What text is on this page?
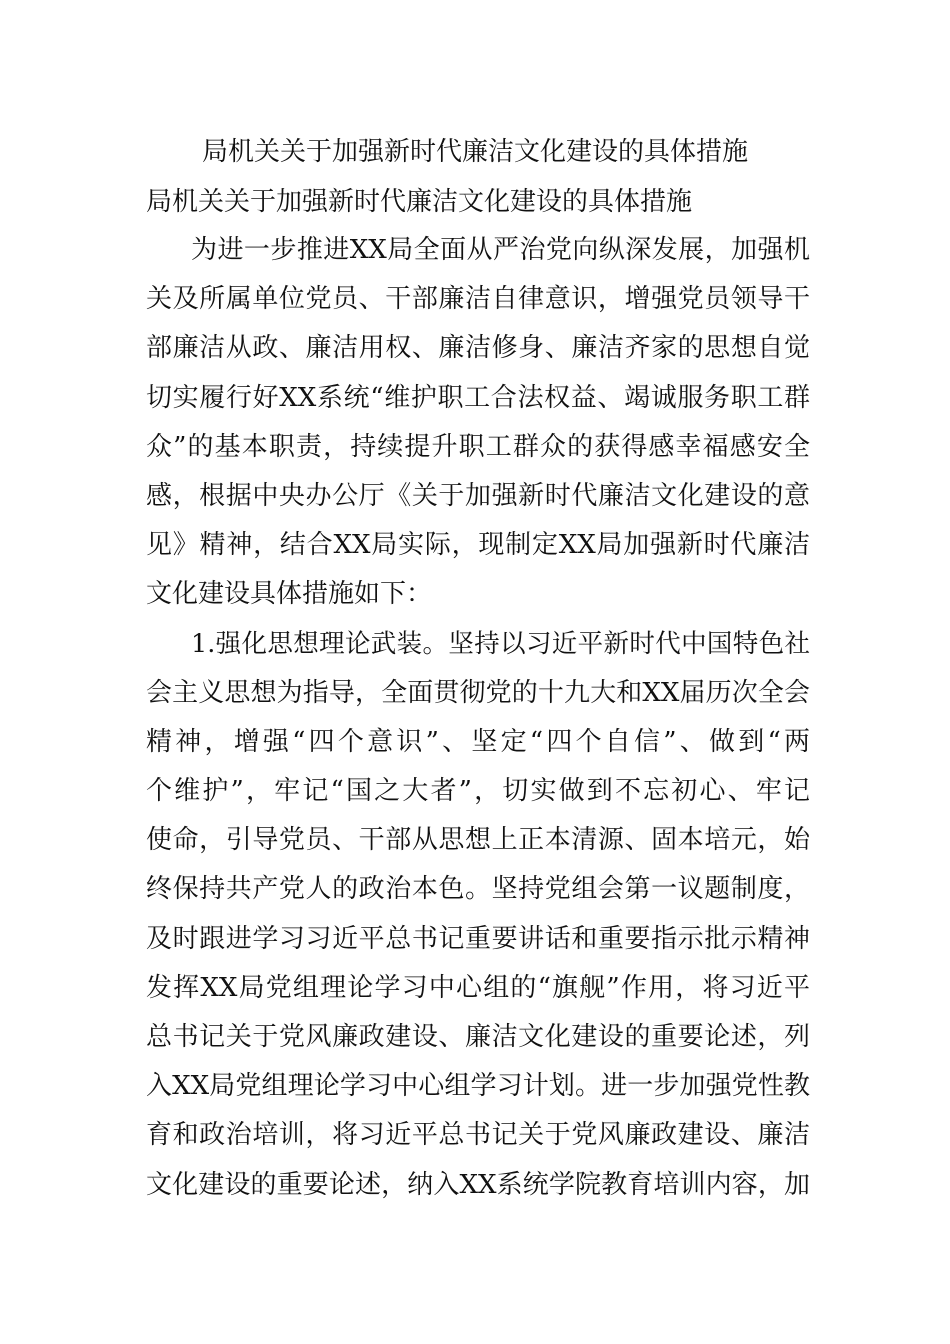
局机关关于加强新时代廉洁文化建设的具体措施
局机关关于加强新时代廉洁文化建设的具体措施
为进一步推进XX局全面从严治党向纵深发展，加强机
关及所属单位党员、干部廉洁自律意识，增强党员领导干
部廉洁从政、廉洁用权、廉洁修身、廉洁齐家的思想自觉
切实履行好XX系统“维护职工合法权益、竭诚服务职工群
众”的基本职责，持续提升职工群众的获得感幸福感安全
感，根据中央办公厅《关于加强新时代廉洁文化建设的意
见》精神，结合XX局实际，现制定XX局加强新时代廉洁
文化建设具体措施如下：
1.强化思想理论武装。坚持以习近平新时代中国特色社
会主义思想为指导，全面贯彻党的十九大和XX届历次全会
精神，增强“四个意识”、坚定“四个自信”、做到“两
个维护”，牢记“国之大者”，切实做到不忘初心、牢记
使命，引导党员、干部从思想上正本清源、固本培元，始
终保持共产党人的政治本色。坚持党组会第一议题制度，
及时跟进学习习近平总书记重要讲话和重要指示批示精神
发挥XX局党组理论学习中心组的“旗舰”作用，将习近平
总书记关于党风廉政建设、廉洁文化建设的重要论述，列
入XX局党组理论学习中心组学习计划。进一步加强党性教
育和政治培训，将习近平总书记关于党风廉政建设、廉洁
文化建设的重要论述，纳入XX系统学院教育培训内容，加
